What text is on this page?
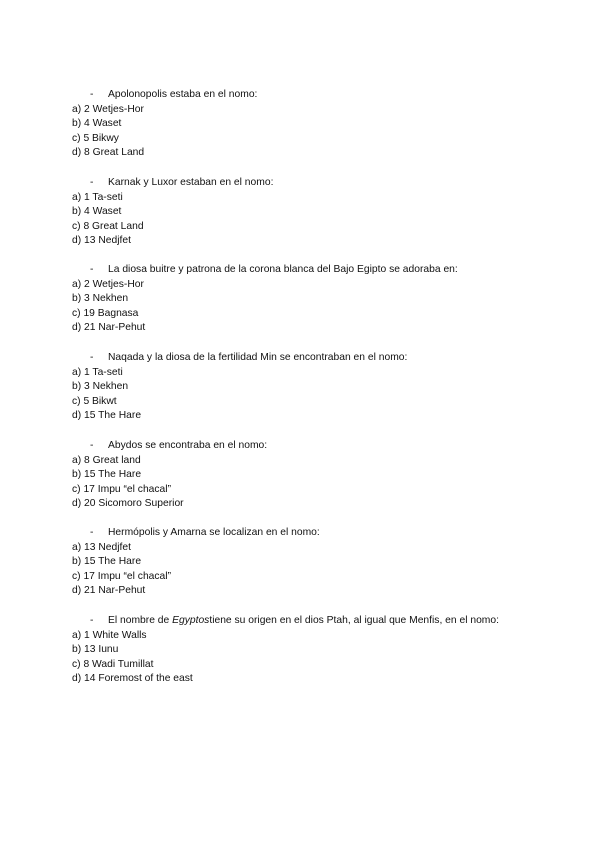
- Apolonopolis estaba en el nomo:
a) 2 Wetjes-Hor
b) 4 Waset
c) 5 Bikwy
d) 8 Great Land
- Karnak y Luxor estaban en el nomo:
a) 1 Ta-seti
b) 4 Waset
c) 8 Great Land
d) 13 Nedjfet
- La diosa buitre y patrona de la corona blanca del Bajo Egipto se adoraba en:
a) 2 Wetjes-Hor
b) 3 Nekhen
c) 19 Bagnasa
d) 21 Nar-Pehut
- Naqada y la diosa de la fertilidad Min se encontraban en el nomo:
a) 1 Ta-seti
b) 3 Nekhen
c) 5 Bikwt
d) 15 The Hare
- Abydos se encontraba en el nomo:
a) 8 Great land
b) 15 The Hare
c) 17 Impu “el chacal”
d) 20 Sicomoro Superior
- Hermópolis y Amarna se localizan en el nomo:
a) 13 Nedjfet
b) 15 The Hare
c) 17 Impu “el chacal”
d) 21 Nar-Pehut
- El nombre de Egyptostiene su origen en el dios Ptah, al igual que Menfis, en el nomo:
a) 1 White Walls
b) 13 Iunu
c) 8 Wadi Tumillat
d) 14 Foremost of the east
